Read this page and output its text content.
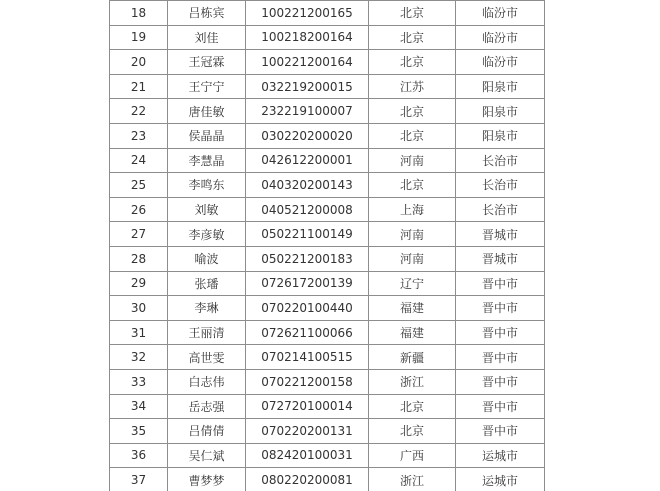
18	吕栋宾	100221200165	北京	临汾市
19	刘佳	100218200164	北京	临汾市
20	王冠霖	100221200164	北京	临汾市
21	王宁宁	032219200015	江苏	阳泉市
22	唐佳敏	232219100007	北京	阳泉市
23	侯晶晶	030220200020	北京	阳泉市
24	李慧晶	042612200001	河南	长治市
25	李鸣东	040320200143	北京	长治市
26	刘敏	040521200008	上海	长治市
27	李彦敏	050221100149	河南	晋城市
28	喻波	050221200183	河南	晋城市
29	张璠	072617200139	辽宁	晋中市
30	李琳	070220100440	福建	晋中市
31	王丽清	072621100066	福建	晋中市
32	高世雯	070214100515	新疆	晋中市
33	白志伟	070221200158	浙江	晋中市
34	岳志强	072720100014	北京	晋中市
35	吕倩倩	070220200131	北京	晋中市
36	吴仁斌	082420100031	广西	运城市
37	曹梦梦	080220200081	浙江	运城市
